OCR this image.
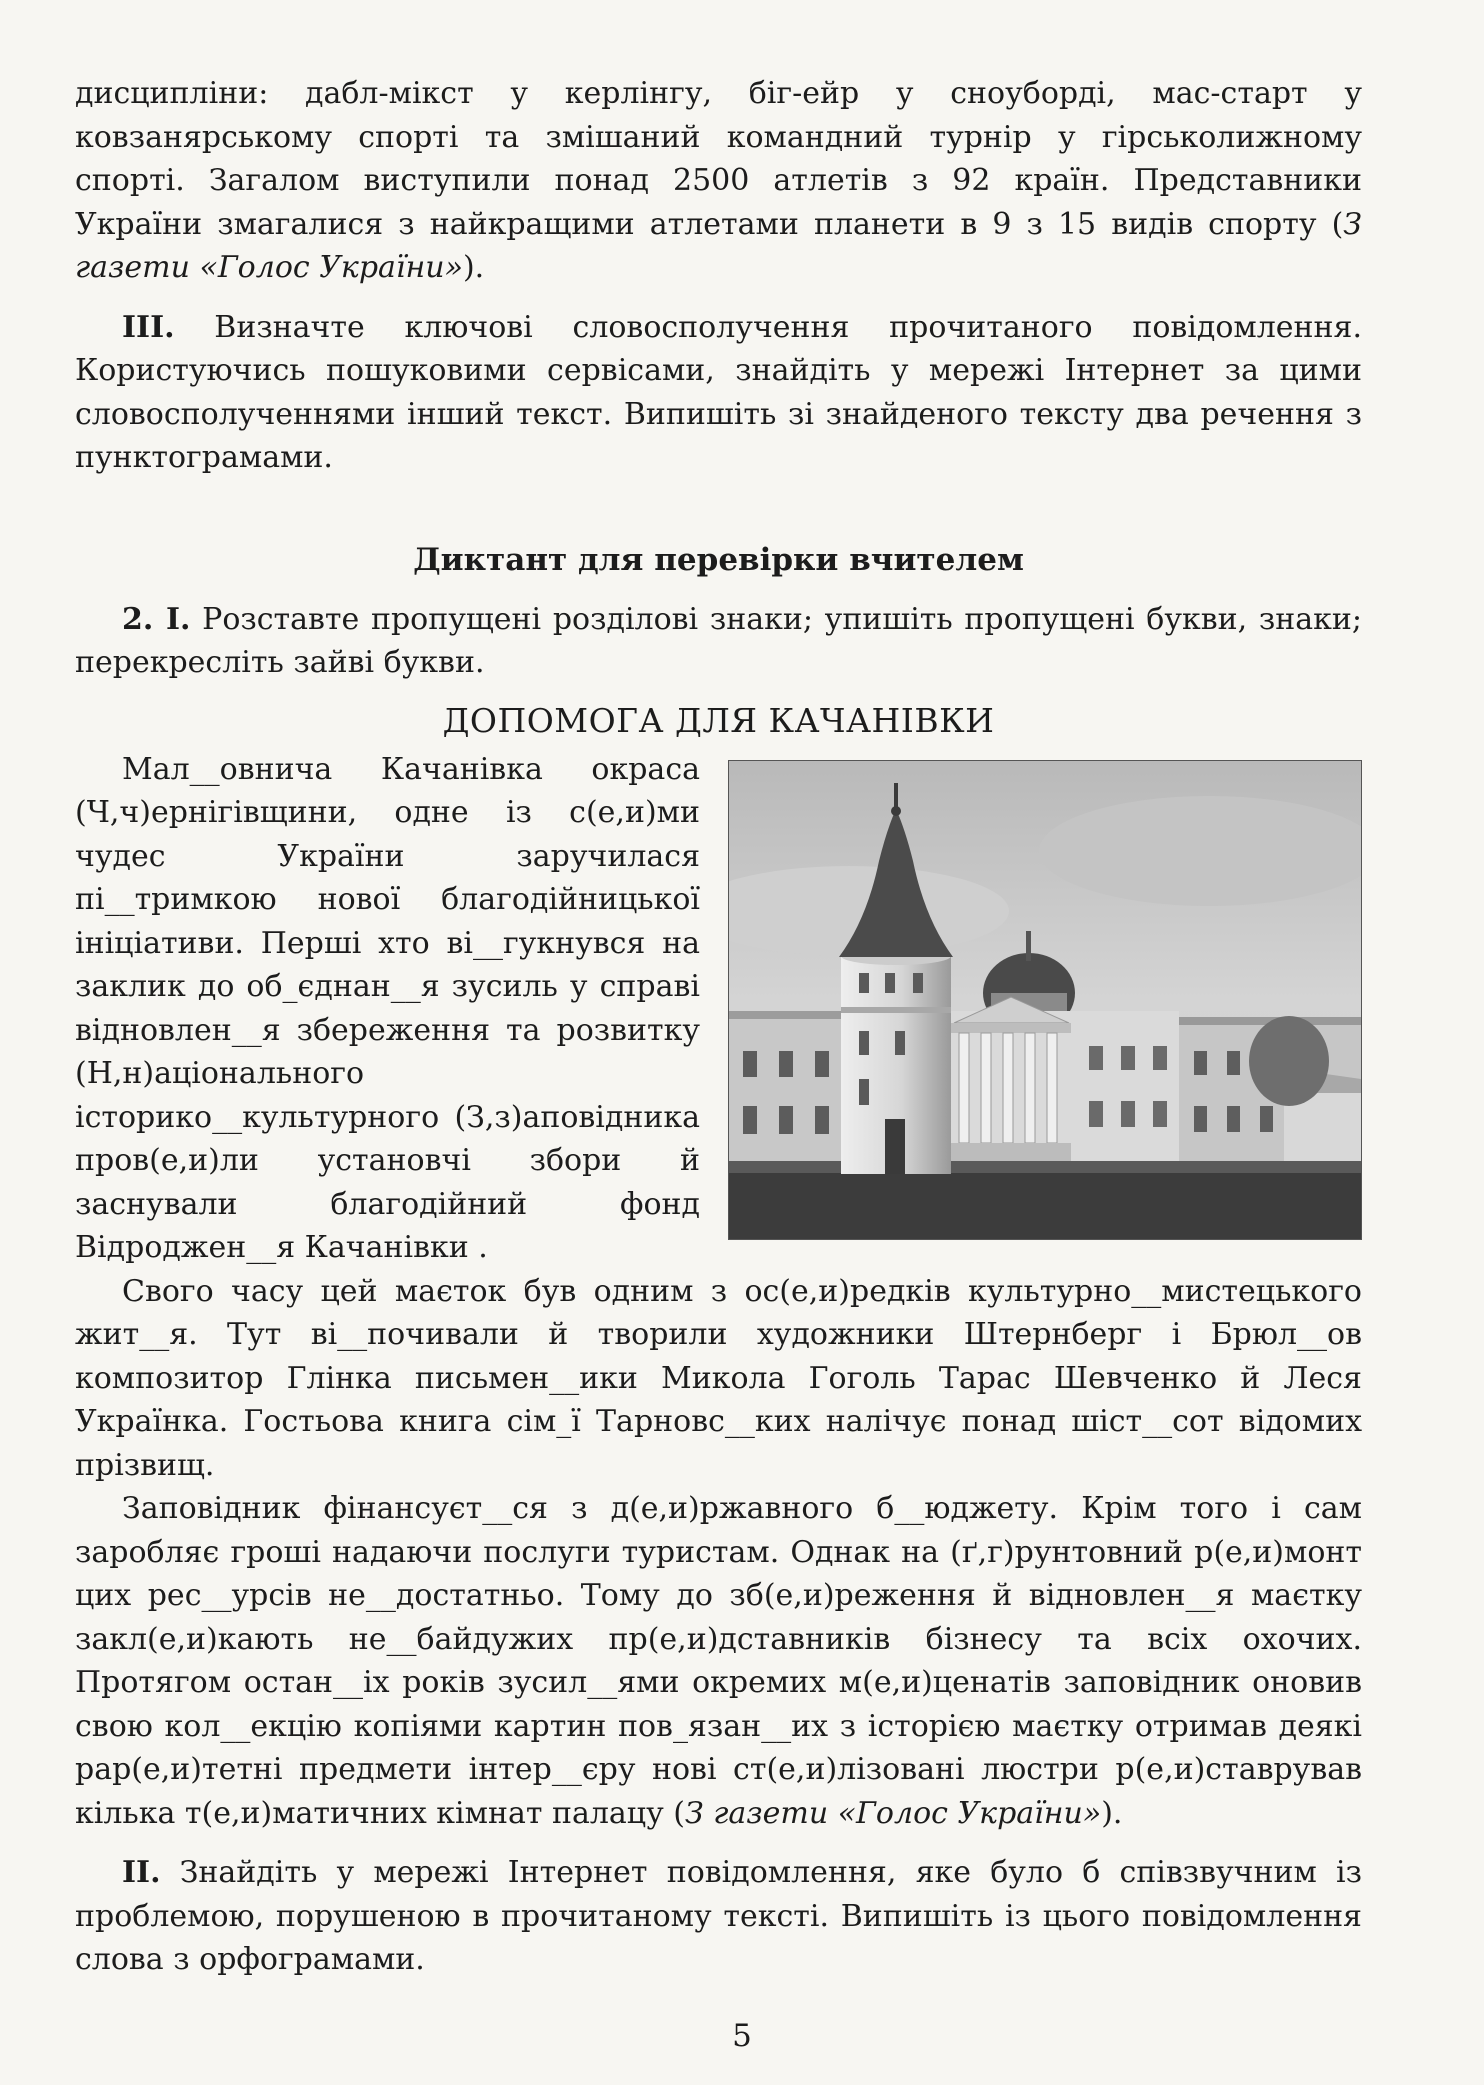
дисципліни: дабл-мікст у керлінгу, біг-ейр у сноуборді, мас-старт у ковзанярському спорті та змішаний командний турнір у гірськолижному спорті. Загалом виступили понад 2500 атлетів з 92 країн. Представники України змагалися з найкращими атлетами планети в 9 з 15 видів спорту (З газети «Голос України»).

ІІІ. Визначте ключові словосполучення прочитаного повідомлення. Користуючись пошуковими сервісами, знайдіть у мережі Інтернет за цими словосполученнями інший текст. Випишіть зі знайденого тексту два речення з пунктограмами.

Диктант для перевірки вчителем

2. І. Розставте пропущені розділові знаки; упишіть пропущені букви, знаки; перекресліть зайві букви.

ДОПОМОГА ДЛЯ КАЧАНІВКИ

Мал__овнича Качанівка окраса (Ч,ч)ернігівщини, одне із с(е,и)ми чудес України заручилася пі__тримкою нової благодійницької ініціативи. Перші хто ві__гукнувся на заклик до об_єднан__я зусиль у справі відновлен__я збереження та розвитку (Н,н)аціонального історико__культурного (З,з)аповідника пров(е,и)ли установчі збори й заснували благодійний фонд Відроджен__я Качанівки .

Свого часу цей маєток був одним з ос(е,и)редків культурно__мистецького жит__я. Тут ві__почивали й творили художники Штернберг і Брюл__ов композитор Глінка письмен__ики Микола Гоголь Тарас Шевченко й Леся Українка. Гостьова книга сім_ї Тарновс__ких налічує понад шіст__сот відомих прізвищ.

Заповідник фінансуєт__ся з д(е,и)ржавного б__юджету. Крім того і сам заробляє гроші надаючи послуги туристам. Однак на (ґ,г)рунтовний р(е,и)монт цих рес__урсів не__достатньо. Тому до зб(е,и)реження й відновлен__я маєтку закл(е,и)кають не__байдужих пр(е,и)дставників бізнесу та всіх охочих. Протягом остан__іх років зусил__ями окремих м(е,и)ценатів заповідник оновив свою кол__екцію копіями картин пов_язан__их з історією маєтку отримав деякі рар(е,и)тетні предмети інтер__єру нові ст(е,и)лізовані люстри р(е,и)ставрував кілька т(е,и)матичних кімнат палацу (З газети «Голос України»).

ІІ. Знайдіть у мережі Інтернет повідомлення, яке було б співзвучним із проблемою, порушеною в прочитаному тексті. Випишіть із цього повідомлення слова з орфограмами.

5
